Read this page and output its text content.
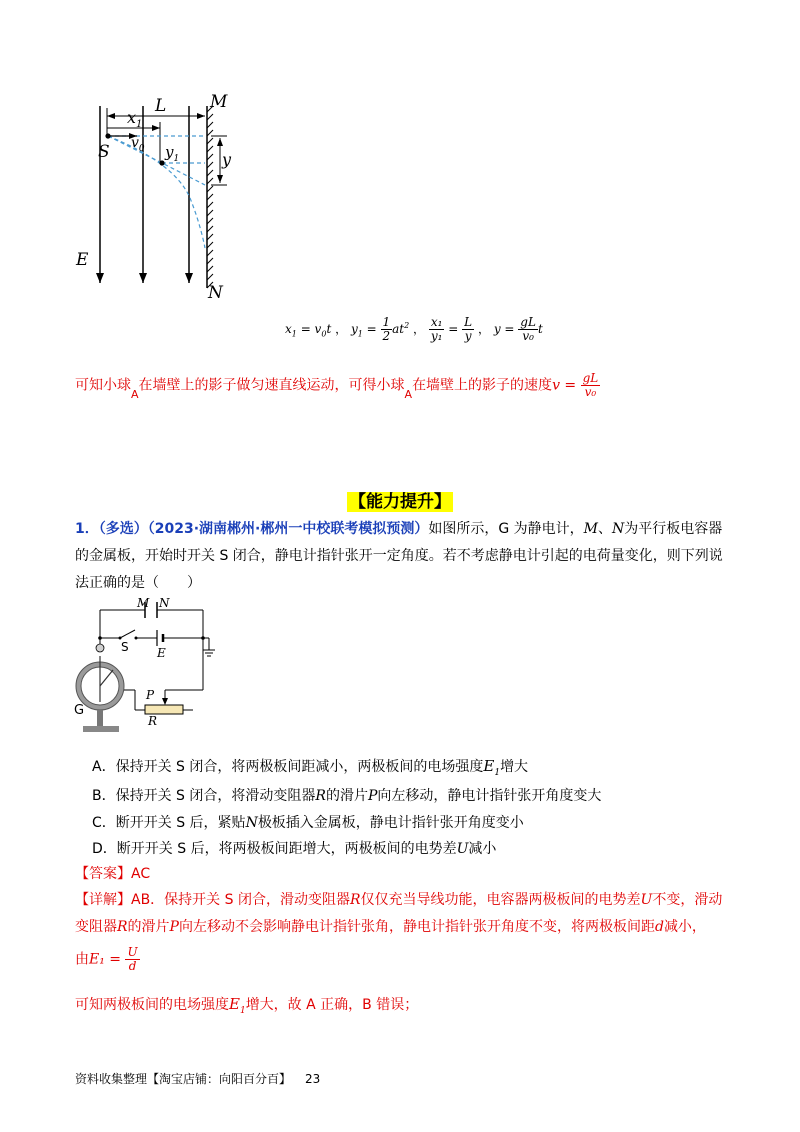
L	M
$x_1$
S $v_0$ $y_1$	y
E
N
$x_1 = v_0t$ ， $y_1 = \frac{1}{2} at^2$ ， $\frac{\text{x₁}}{\text{y₁}} = \frac{L}{y}$ ， $y = \frac{gL}{\text{v₀}}$ t
可知小球$_A$在墙壁上的影子做匀速直线运动，可得小球$_A$在墙壁上的影子的速度$v = \frac{gL}{\text{v₀}}$
【能力提升】
1．（多选）（2023·湖南郴州·郴州一中校联考模拟预测）如图所示，G 为静电计，M、N为平行板电容器
的金属板，开始时开关 S 闭合，静电计指针张开一定角度。若不考虑静电计引起的电荷量变化，则下列说
法正确的是（　　）
M N
S E
P
R
G
A．保持开关 S 闭合，将两极板间距减小，两极板间的电场强度$E_1$增大
B．保持开关 S 闭合，将滑动变阻器R的滑片P向左移动，静电计指针张开角度变大
C．断开开关 S 后，紧贴N极板插入金属板，静电计指针张开角度变小
D．断开开关 S 后，将两极板间距增大，两极板间的电势差U减小
【答案】AC
【详解】AB．保持开关 S 闭合，滑动变阻器R仅仅充当导线功能，电容器两极板间的电势差U不变，滑动
变阻器R的滑片P向左移动不会影响静电计指针张角，静电计指针张开角度不变，将两极板间距d减小，
由$E_1 = \frac{U}{d}$
可知两极板间的电场强度$E_1$增大，故 A 正确，B 错误；
资料收集整理【淘宝店铺：向阳百分百】 23
